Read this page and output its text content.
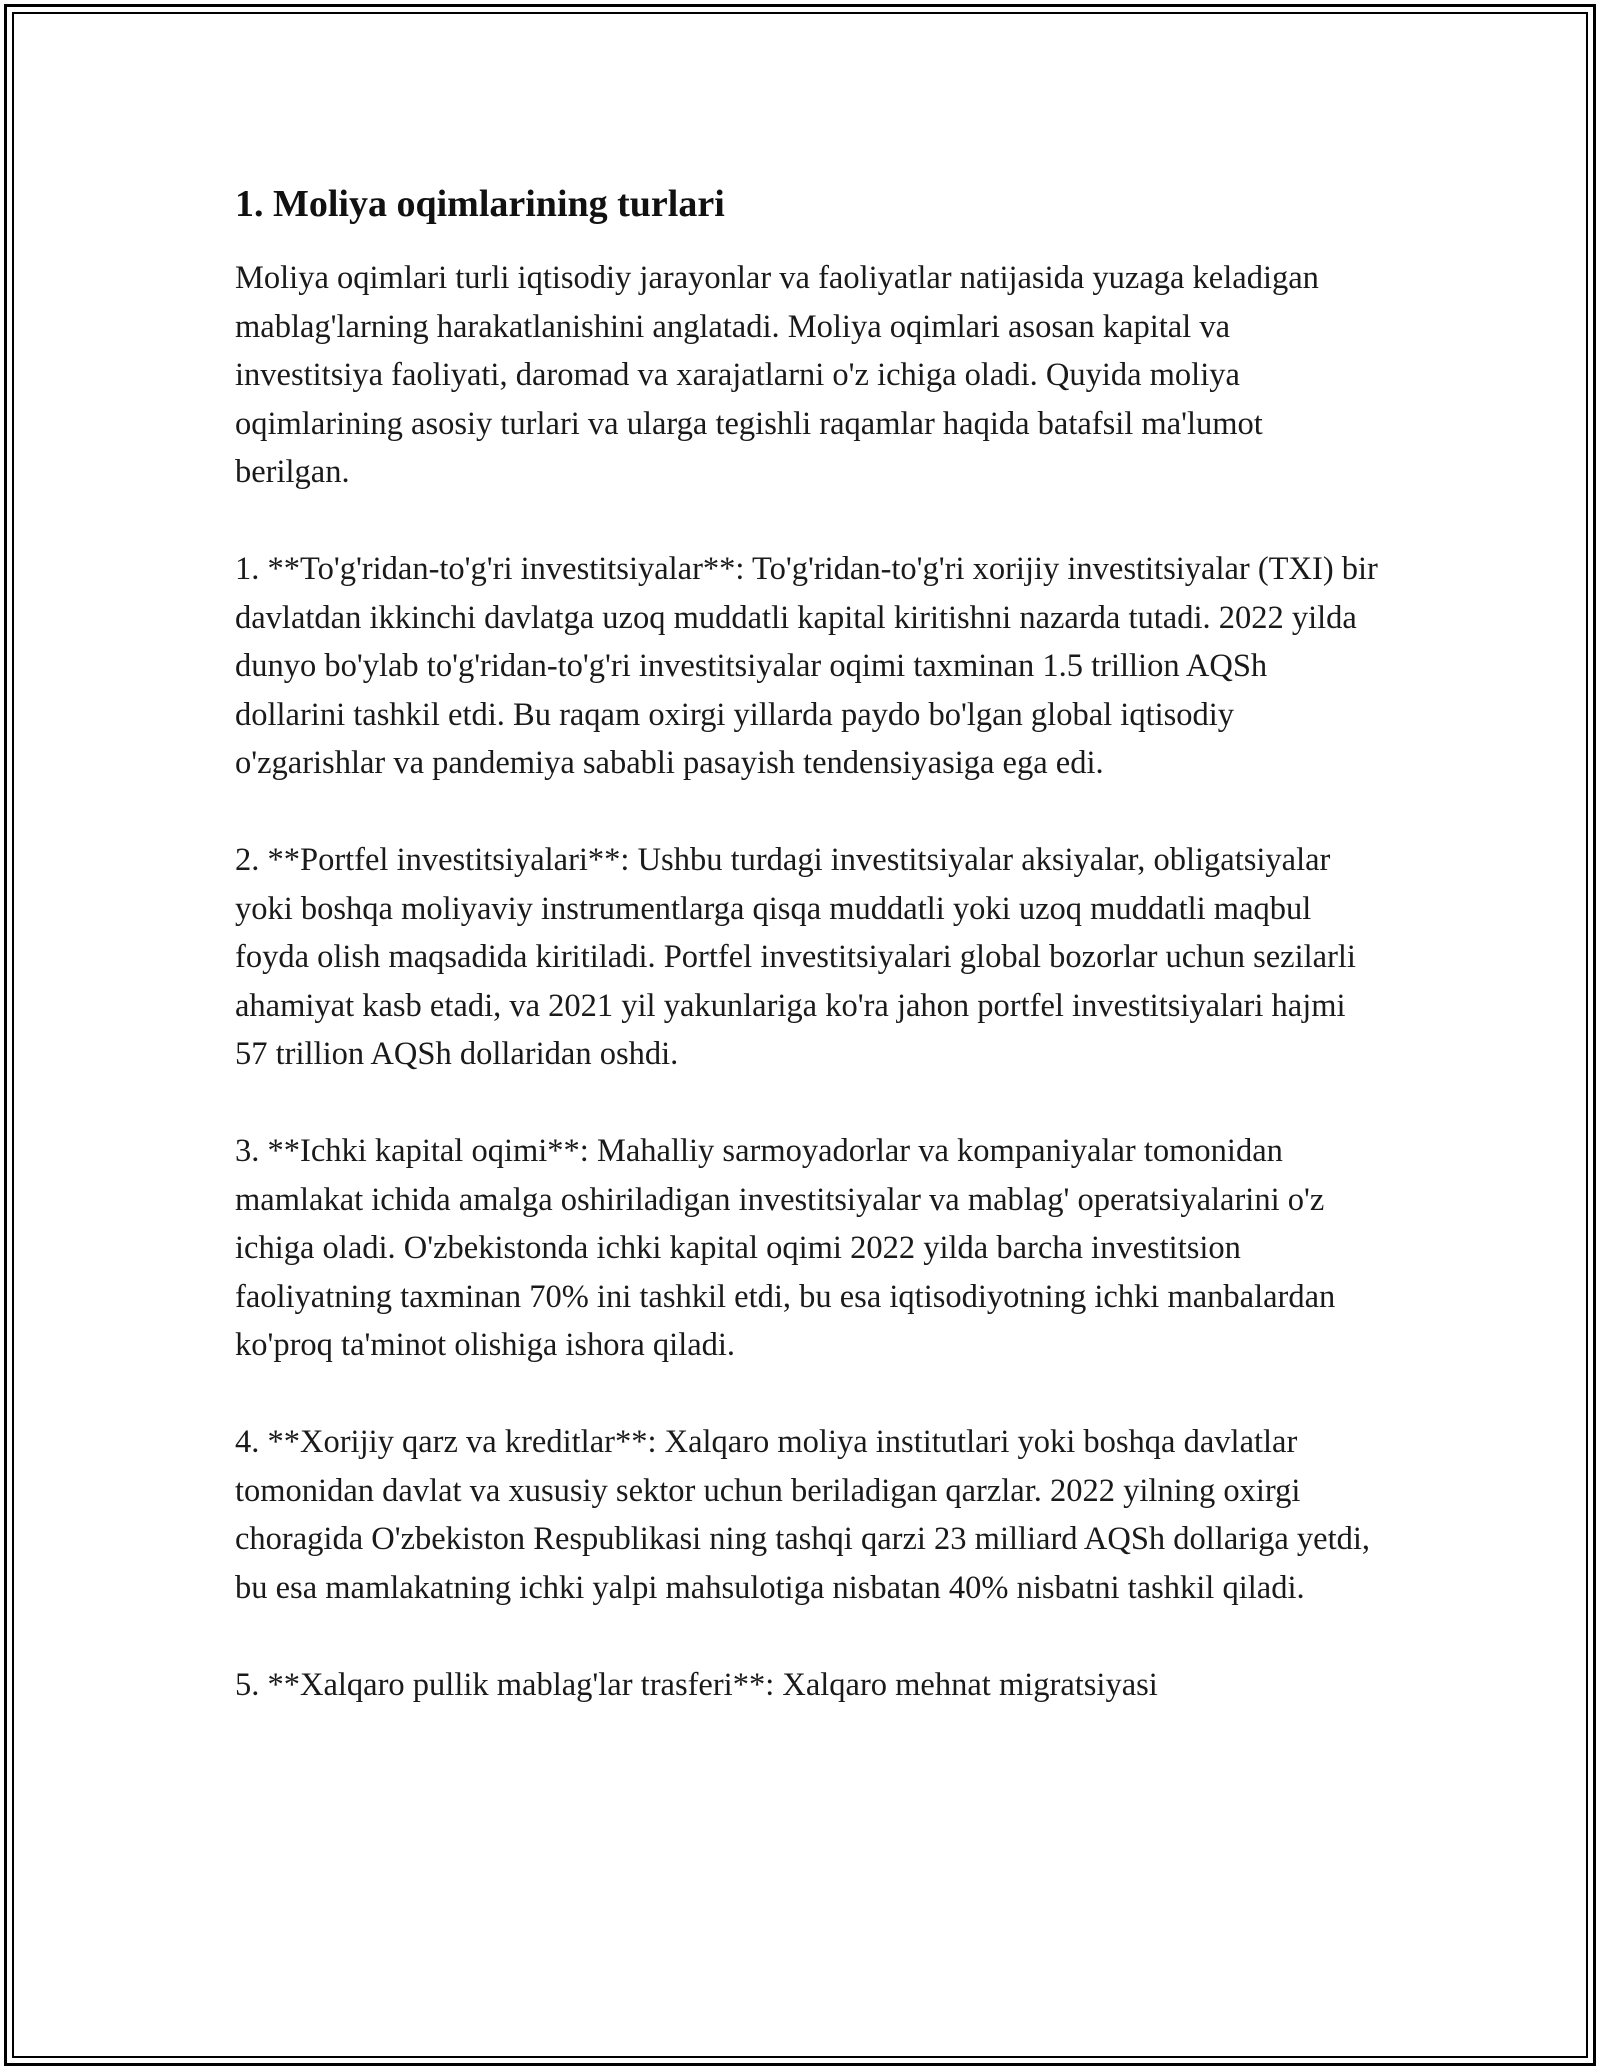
1. Moliya oqimlarining turlari

Moliya oqimlari turli iqtisodiy jarayonlar va faoliyatlar natijasida yuzaga keladigan mablag'larning harakatlanishini anglatadi. Moliya oqimlari asosan kapital va investitsiya faoliyati, daromad va xarajatlarni o'z ichiga oladi. Quyida moliya oqimlarining asosiy turlari va ularga tegishli raqamlar haqida batafsil ma'lumot berilgan.

1. **To'g'ridan-to'g'ri investitsiyalar**: To'g'ridan-to'g'ri xorijiy investitsiyalar (TXI) bir davlatdan ikkinchi davlatga uzoq muddatli kapital kiritishni nazarda tutadi. 2022 yilda dunyo bo'ylab to'g'ridan-to'g'ri investitsiyalar oqimi taxminan 1.5 trillion AQSh dollarini tashkil etdi. Bu raqam oxirgi yillarda paydo bo'lgan global iqtisodiy o'zgarishlar va pandemiya sababli pasayish tendensiyasiga ega edi.

2. **Portfel investitsiyalari**: Ushbu turdagi investitsiyalar aksiyalar, obligatsiyalar yoki boshqa moliyaviy instrumentlarga qisqa muddatli yoki uzoq muddatli maqbul foyda olish maqsadida kiritiladi. Portfel investitsiyalari global bozorlar uchun sezilarli ahamiyat kasb etadi, va 2021 yil yakunlariga ko'ra jahon portfel investitsiyalari hajmi 57 trillion AQSh dollaridan oshdi.

3. **Ichki kapital oqimi**: Mahalliy sarmoyadorlar va kompaniyalar tomonidan mamlakat ichida amalga oshiriladigan investitsiyalar va mablag' operatsiyalarini o'z ichiga oladi. O'zbekistonda ichki kapital oqimi 2022 yilda barcha investitsion faoliyatning taxminan 70% ini tashkil etdi, bu esa iqtisodiyotning ichki manbalardan ko'proq ta'minot olishiga ishora qiladi.

4. **Xorijiy qarz va kreditlar**: Xalqaro moliya institutlari yoki boshqa davlatlar tomonidan davlat va xususiy sektor uchun beriladigan qarzlar. 2022 yilning oxirgi choragida O'zbekiston Respublikasi ning tashqi qarzi 23 milliard AQSh dollariga yetdi, bu esa mamlakatning ichki yalpi mahsulotiga nisbatan 40% nisbatni tashkil qiladi.

5. **Xalqaro pullik mablag'lar trasferi**: Xalqaro mehnat migratsiyasi
